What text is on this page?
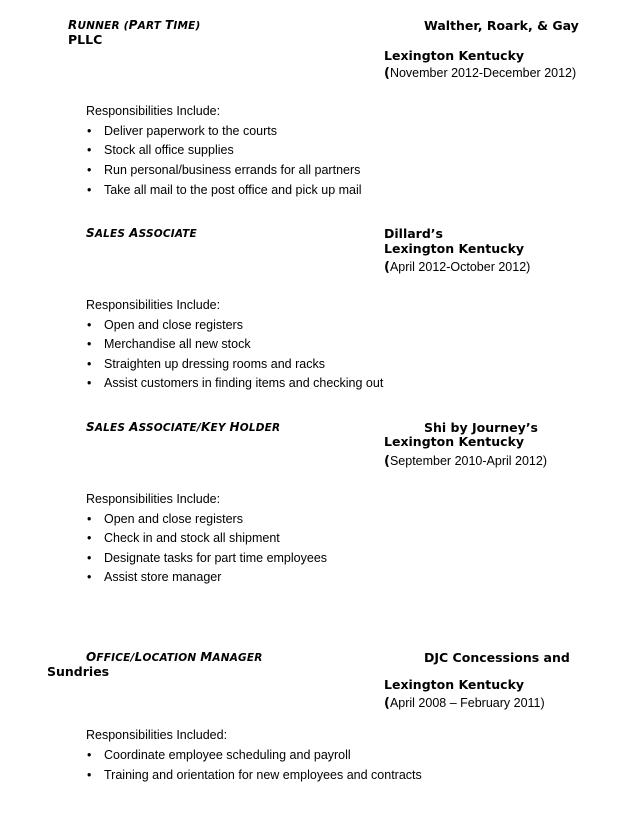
RUNNER (PART TIME)	Walther, Roark, & Gay
PLLC
Lexington Kentucky
(November 2012-December 2012)
Responsibilities Include:
• Deliver paperwork to the courts
• Stock all office supplies
• Run personal/business errands for all partners
• Take all mail to the post office and pick up mail
SALES ASSOCIATE	Dillard’s
Lexington Kentucky
(April 2012-October 2012)
Responsibilities Include:
• Open and close registers
• Merchandise all new stock
• Straighten up dressing rooms and racks
• Assist customers in finding items and checking out
SALES ASSOCIATE/KEY HOLDER	Shi by Journey’s
Lexington Kentucky
(September 2010-April 2012)
Responsibilities Include:
• Open and close registers
• Check in and stock all shipment
• Designate tasks for part time employees
• Assist store manager
OFFICE/LOCATION MANAGER	DJC Concessions and
Sundries
Lexington Kentucky
(April 2008 – February 2011)
Responsibilities Included:
• Coordinate employee scheduling and payroll
• Training and orientation for new employees and contracts
